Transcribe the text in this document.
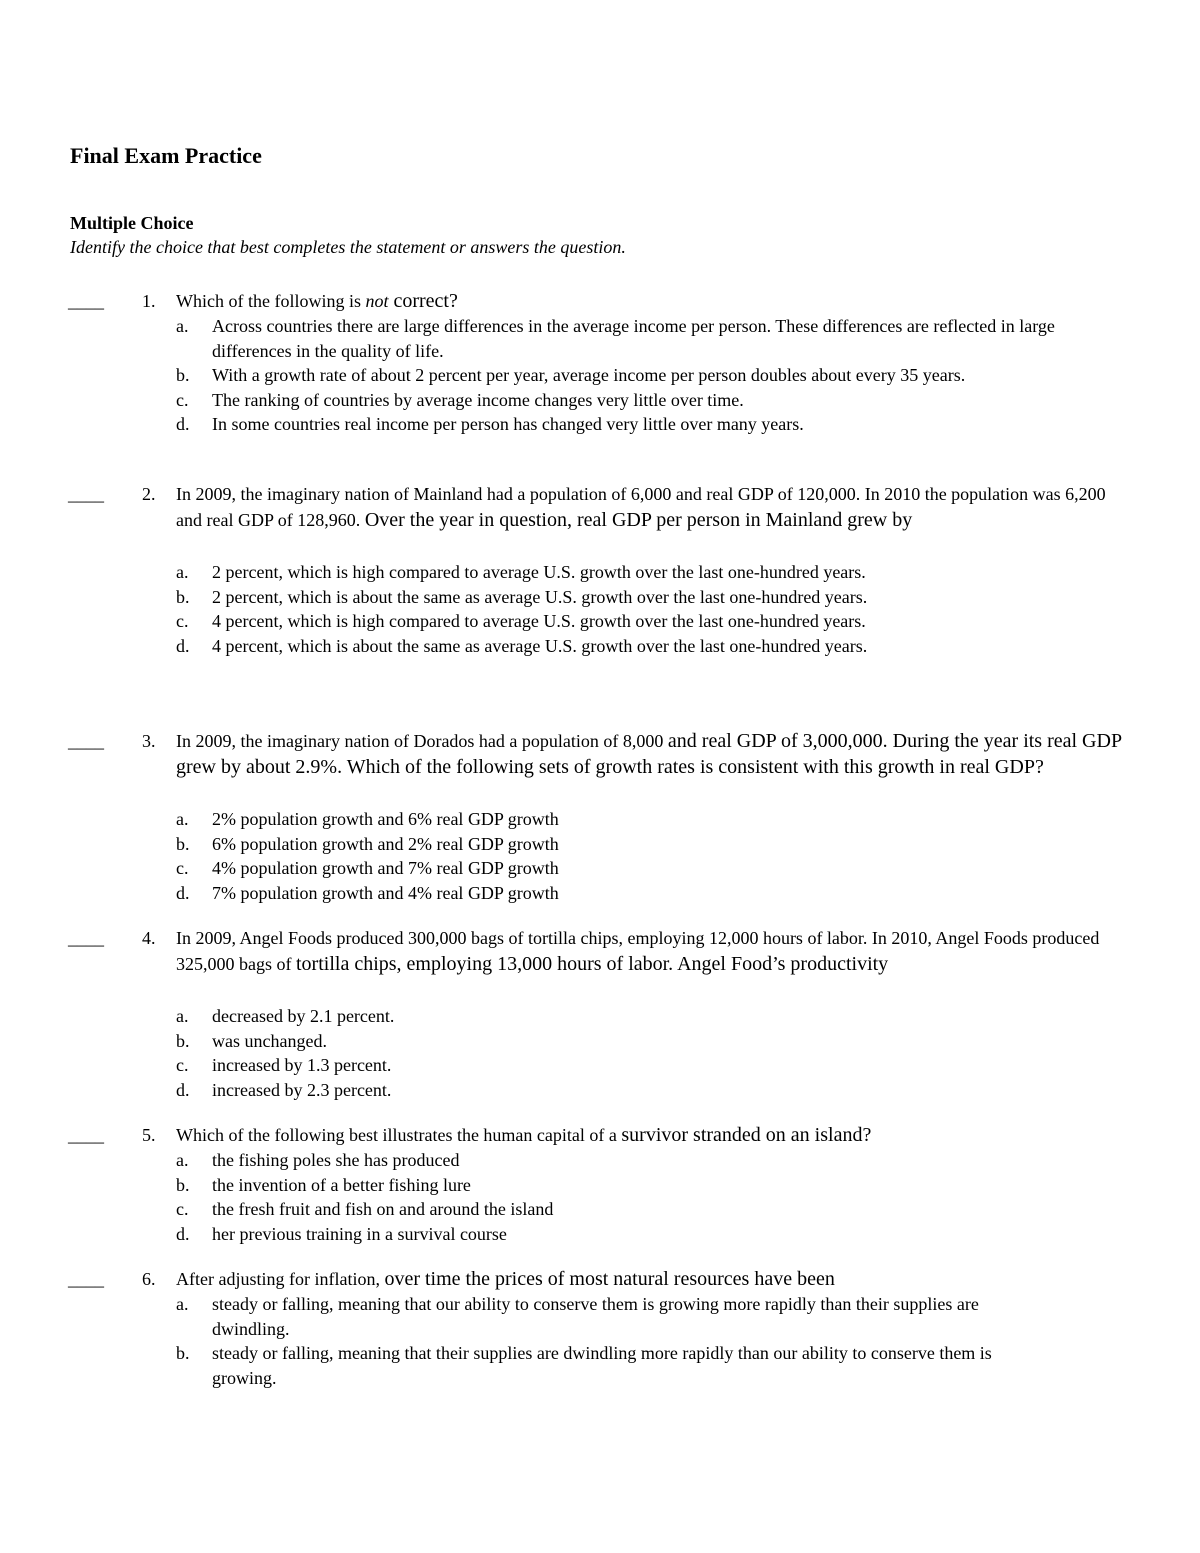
Final Exam Practice
Multiple Choice

Identify the choice that best completes the statement or answers the question.

____ 1. Which of the following is not correct?

a. Across countries there are large differences in the average income per person. These differences are reflected in large differences in the quality of life.
b. With a growth rate of about 2 percent per year, average income per person doubles about every 35 years.
c. The ranking of countries by average income changes very little over time.
d. In some countries real income per person has changed very little over many years.
____ 2. In 2009, the imaginary nation of Mainland had a population of 6,000 and real GDP of 120,000. In 2010 the population was 6,200 and real GDP of 128,960. Over the year in question, real GDP per person in Mainland grew by

a. 2 percent, which is high compared to average U.S. growth over the last one-hundred years.
b. 2 percent, which is about the same as average U.S. growth over the last one-hundred years.
c. 4 percent, which is high compared to average U.S. growth over the last one-hundred years.
d. 4 percent, which is about the same as average U.S. growth over the last one-hundred years.
____ 3. In 2009, the imaginary nation of Dorados had a population of 8,000 and real GDP of 3,000,000. During the year its real GDP grew by about 2.9%. Which of the following sets of growth rates is consistent with this growth in real GDP?

a. 2% population growth and 6% real GDP growth
b. 6% population growth and 2% real GDP growth
c. 4% population growth and 7% real GDP growth
d. 7% population growth and 4% real GDP growth
____ 4. In 2009, Angel Foods produced 300,000 bags of tortilla chips, employing 12,000 hours of labor. In 2010, Angel Foods produced 325,000 bags of tortilla chips, employing 13,000 hours of labor. Angel Food’s productivity

a. decreased by 2.1 percent.
b. was unchanged.
c. increased by 1.3 percent.
d. increased by 2.3 percent.
____ 5. Which of the following best illustrates the human capital of a survivor stranded on an island?

a. the fishing poles she has produced
b. the invention of a better fishing lure
c. the fresh fruit and fish on and around the island
d. her previous training in a survival course
____ 6. After adjusting for inflation, over time the prices of most natural resources have been

a. steady or falling, meaning that our ability to conserve them is growing more rapidly than their supplies are dwindling.
b. steady or falling, meaning that their supplies are dwindling more rapidly than our ability to conserve them is growing.
